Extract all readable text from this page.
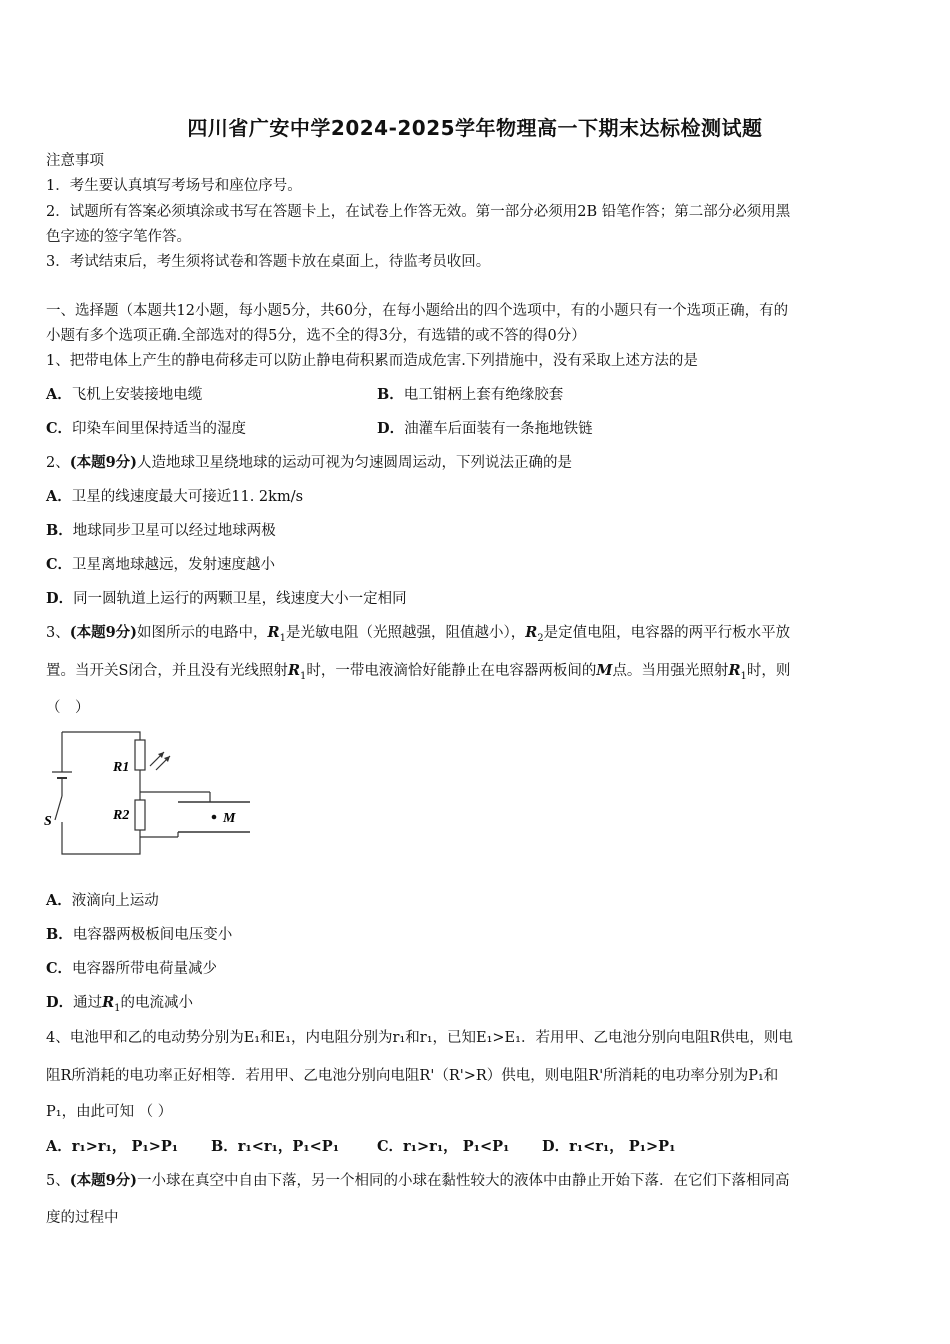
四川省广安中学2024-2025学年物理高一下期末达标检测试题
注意事项
1．考生要认真填写考场号和座位序号。
2．试题所有答案必须填涂或书写在答题卡上，在试卷上作答无效。第一部分必须用2B 铅笔作答；第二部分必须用黑
色字迹的签字笔作答。
3．考试结束后，考生须将试卷和答题卡放在桌面上，待监考员收回。
一、选择题（本题共12小题，每小题5分，共60分，在每小题给出的四个选项中，有的小题只有一个选项正确，有的
小题有多个选项正确.全部选对的得5分，选不全的得3分，有选错的或不答的得0分）
1、把带电体上产生的静电荷移走可以防止静电荷积累而造成危害.下列措施中，没有采取上述方法的是
A．飞机上安装接地电缆	B．电工钳柄上套有绝缘胶套
C．印染车间里保持适当的湿度	D．油灌车后面装有一条拖地铁链
2、(本题9分)人造地球卫星绕地球的运动可视为匀速圆周运动，下列说法正确的是
A．卫星的线速度最大可接近11. 2km/s
B．地球同步卫星可以经过地球两极
C．卫星离地球越远，发射速度越小
D．同一圆轨道上运行的两颗卫星，线速度大小一定相同
3、(本题9分)如图所示的电路中，$R_1$是光敏电阻（光照越强，阻值越小），$R_2$是定值电阻，电容器的两平行板水平放
置。当开关S闭合，并且没有光线照射$R_1$时，一带电液滴恰好能静止在电容器两板间的M点。当用强光照射$R_1$时，则
（　）
R1
R2
S	M
A．液滴向上运动
B．电容器两极板间电压变小
C．电容器所带电荷量减少
D．通过$R_1$的电流减小
4、电池甲和乙的电动势分别为E₁和E₁，内电阻分别为r₁和r₁，已知E₁>E₁．若用甲、乙电池分别向电阻R供电，则电
阻R所消耗的电功率正好相等．若用甲、乙电池分别向电阻R'（R'>R）供电，则电阻R'所消耗的电功率分别为P₁和
P₁，由此可知 （ ）
A．r₁>r₁， P₁>P₁ B．r₁<r₁，P₁<P₁	C．r₁>r₁， P₁<P₁ D．r₁<r₁， P₁>P₁
5、(本题9分)一小球在真空中自由下落，另一个相同的小球在黏性较大的液体中由静止开始下落．在它们下落相同高
度的过程中
